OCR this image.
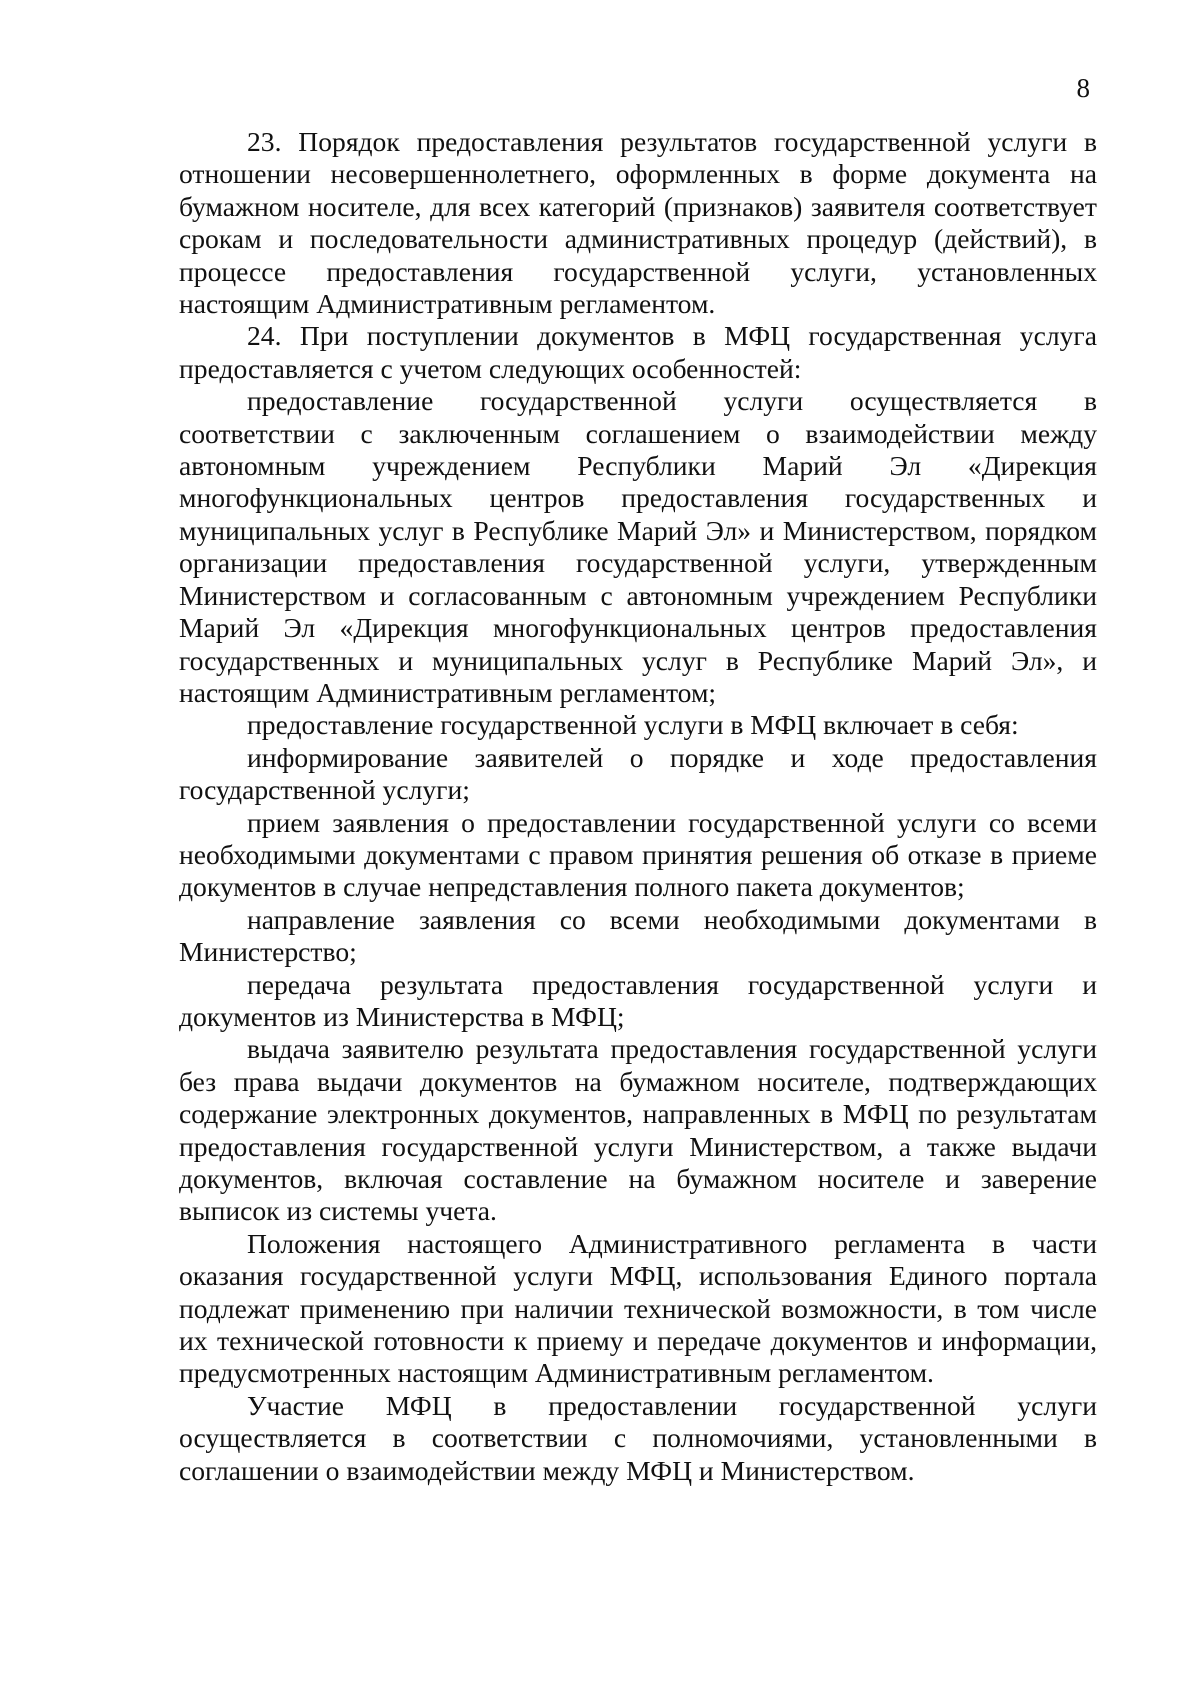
8

23. Порядок предоставления результатов государственной услуги в отношении несовершеннолетнего, оформленных в форме документа на бумажном носителе, для всех категорий (признаков) заявителя соответствует срокам и последовательности административных процедур (действий), в процессе предоставления государственной услуги, установленных настоящим Административным регламентом.

24. При поступлении документов в МФЦ государственная услуга предоставляется с учетом следующих особенностей:

предоставление государственной услуги осуществляется в соответствии с заключенным соглашением о взаимодействии между автономным учреждением Республики Марий Эл «Дирекция многофункциональных центров предоставления государственных и муниципальных услуг в Республике Марий Эл» и Министерством, порядком организации предоставления государственной услуги, утвержденным Министерством и согласованным с автономным учреждением Республики Марий Эл «Дирекция многофункциональных центров предоставления государственных и муниципальных услуг в Республике Марий Эл», и настоящим Административным регламентом;

предоставление государственной услуги в МФЦ включает в себя:

информирование заявителей о порядке и ходе предоставления государственной услуги;

прием заявления о предоставлении государственной услуги со всеми необходимыми документами с правом принятия решения об отказе в приеме документов в случае непредставления полного пакета документов;

направление заявления со всеми необходимыми документами в Министерство;

передача результата предоставления государственной услуги и документов из Министерства в МФЦ;

выдача заявителю результата предоставления государственной услуги без права выдачи документов на бумажном носителе, подтверждающих содержание электронных документов, направленных в МФЦ по результатам предоставления государственной услуги Министерством, а также выдачи документов, включая составление на бумажном носителе и заверение выписок из системы учета.

Положения настоящего Административного регламента в части оказания государственной услуги МФЦ, использования Единого портала подлежат применению при наличии технической возможности, в том числе их технической готовности к приему и передаче документов и информации, предусмотренных настоящим Административным регламентом.

Участие МФЦ в предоставлении государственной услуги осуществляется в соответствии с полномочиями, установленными в соглашении о взаимодействии между МФЦ и Министерством.
